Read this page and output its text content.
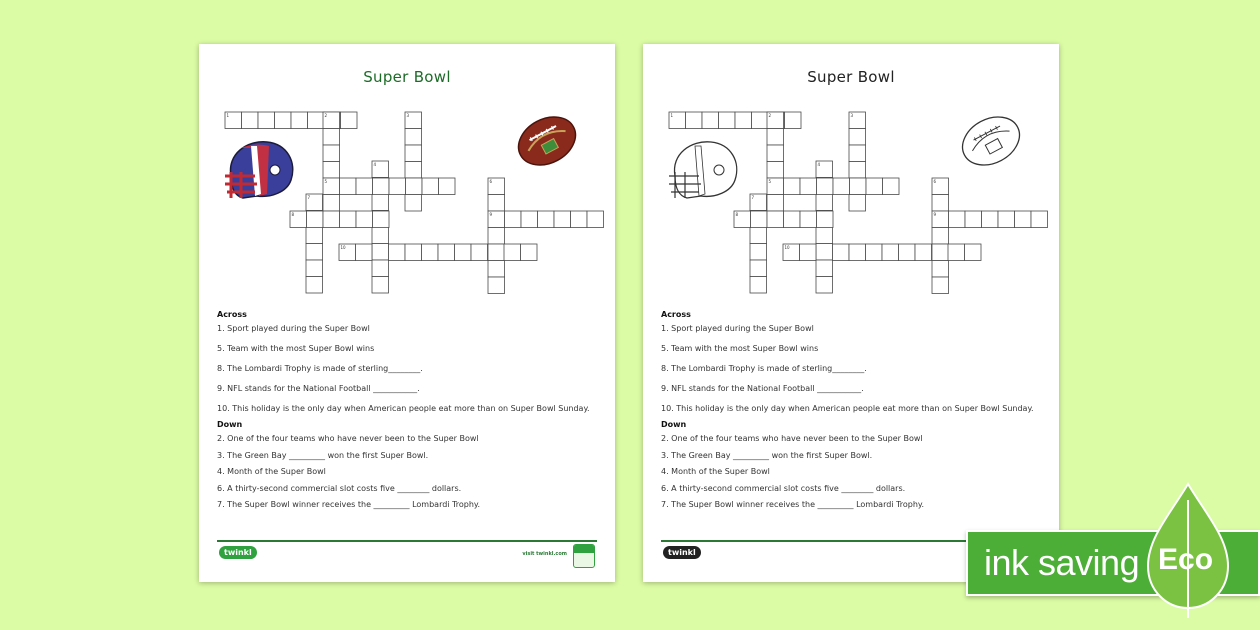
Super Bowl
1	2	3
4
5	6
7
8	9
10
Across
1. Sport played during the Super Bowl
5. Team with the most Super Bowl wins
8. The Lombardi Trophy is made of sterling________.
9. NFL stands for the National Football ___________.
10. This holiday is the only day when American people eat more than on Super Bowl Sunday.
Down
2. One of the four teams who have never been to the Super Bowl
3. The Green Bay _________ won the first Super Bowl.
4. Month of the Super Bowl
6. A thirty-second commercial slot costs five ________ dollars.
7. The Super Bowl winner receives the _________ Lombardi Trophy.
twinkl	visit twinkl.com
Super Bowl
1	2	3
4
5	6
7
8	9
10
Across
1. Sport played during the Super Bowl
5. Team with the most Super Bowl wins
8. The Lombardi Trophy is made of sterling________.
9. NFL stands for the National Football ___________.
10. This holiday is the only day when American people eat more than on Super Bowl Sunday.
Down
2. One of the four teams who have never been to the Super Bowl
3. The Green Bay _________ won the first Super Bowl.
4. Month of the Super Bowl
6. A thirty-second commercial slot costs five ________ dollars.
7. The Super Bowl winner receives the _________ Lombardi Trophy.
twinkl	ink saving Eco
